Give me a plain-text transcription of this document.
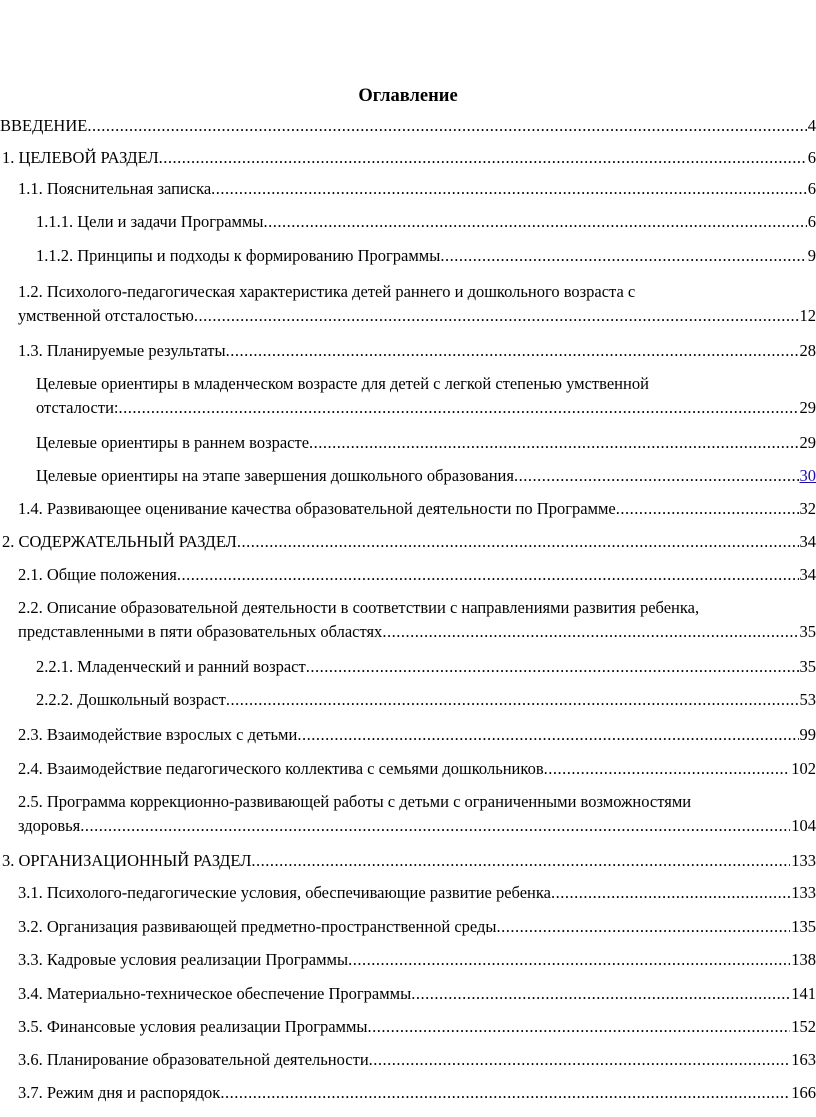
Оглавление
ВВЕДЕНИЕ .....	4
1. ЦЕЛЕВОЙ РАЗДЕЛ .....	6
1.1. Пояснительная записка .....	6
1.1.1. Цели и задачи Программы .....	6
1.1.2. Принципы и подходы к формированию Программы .....	9
1.2. Психолого-педагогическая характеристика детей раннего и дошкольного возраста с
умственной отсталостью .....	12
1.3. Планируемые результаты .....	28
Целевые ориентиры в младенческом возрасте для детей с легкой степенью умственной
отсталости: .....	29
Целевые ориентиры в раннем возрасте .....	29
Целевые ориентиры на этапе завершения дошкольного образования .....	30
1.4. Развивающее оценивание качества образовательной деятельности по Программе .....	32
2. СОДЕРЖАТЕЛЬНЫЙ РАЗДЕЛ .....	34
2.1. Общие положения .....	34
2.2. Описание образовательной деятельности в соответствии с направлениями развития ребенка,
представленными в пяти образовательных областях .....	35
2.2.1. Младенческий и ранний возраст .....	35
2.2.2. Дошкольный возраст .....	53
2.3. Взаимодействие взрослых с детьми .....	99
2.4. Взаимодействие педагогического коллектива с семьями дошкольников .....	102
2.5. Программа коррекционно-развивающей работы с детьми с ограниченными возможностями
здоровья .....	104
3. ОРГАНИЗАЦИОННЫЙ РАЗДЕЛ .....	133
3.1. Психолого-педагогические условия, обеспечивающие развитие ребенка .....	133
3.2. Организация развивающей предметно-пространственной среды .....	135
3.3. Кадровые условия реализации Программы .....	138
3.4. Материально-техническое обеспечение Программы .....	141
3.5. Финансовые условия реализации Программы .....	152
3.6. Планирование образовательной деятельности .....	163
3.7. Режим дня и распорядок .....	166
